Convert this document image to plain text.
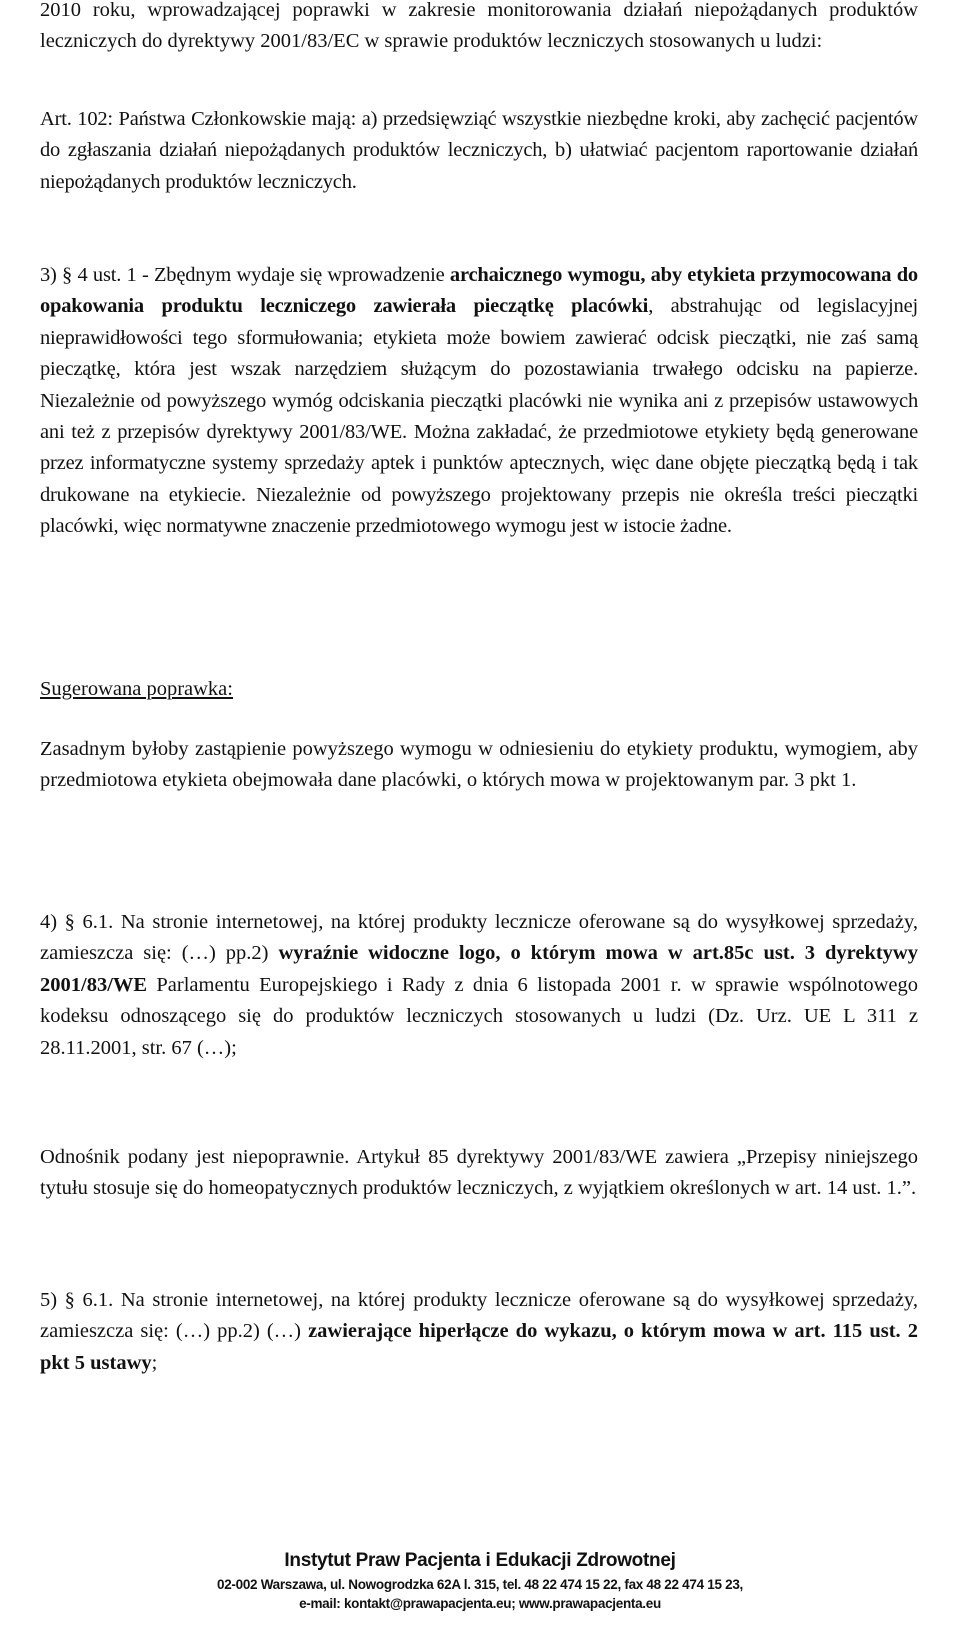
2010 roku, wprowadzającej poprawki w zakresie monitorowania działań niepożądanych produktów leczniczych do dyrektywy 2001/83/EC w sprawie produktów leczniczych stosowanych u ludzi:

Art. 102: Państwa Członkowskie mają: a) przedsięwziąć wszystkie niezbędne kroki, aby zachęcić pacjentów do zgłaszania działań niepożądanych produktów leczniczych, b) ułatwiać pacjentom raportowanie działań niepożądanych produktów leczniczych.

3) § 4 ust. 1 - Zbędnym wydaje się wprowadzenie archaicznego wymogu, aby etykieta przymocowana do opakowania produktu leczniczego zawierała pieczątkę placówki, abstrahując od legislacyjnej nieprawidłowości tego sformułowania; etykieta może bowiem zawierać odcisk pieczątki, nie zaś samą pieczątkę, która jest wszak narzędziem służącym do pozostawiania trwałego odcisku na papierze. Niezależnie od powyższego wymóg odciskania pieczątki placówki nie wynika ani z przepisów ustawowych ani też z przepisów dyrektywy 2001/83/WE. Można zakładać, że przedmiotowe etykiety będą generowane przez informatyczne systemy sprzedaży aptek i punktów aptecznych, więc dane objęte pieczątką będą i tak drukowane na etykiecie. Niezależnie od powyższego projektowany przepis nie określa treści pieczątki placówki, więc normatywne znaczenie przedmiotowego wymogu jest w istocie żadne.

Sugerowana poprawka:

Zasadnym byłoby zastąpienie powyższego wymogu w odniesieniu do etykiety produktu, wymogiem, aby przedmiotowa etykieta obejmowała dane placówki, o których mowa w projektowanym par. 3 pkt 1.

4) § 6.1. Na stronie internetowej, na której produkty lecznicze oferowane są do wysyłkowej sprzedaży, zamieszcza się: (…) pp.2) wyraźnie widoczne logo, o którym mowa w art.85c ust. 3 dyrektywy 2001/83/WE Parlamentu Europejskiego i Rady z dnia 6 listopada 2001 r. w sprawie wspólnotowego kodeksu odnoszącego się do produktów leczniczych stosowanych u ludzi (Dz. Urz. UE L 311 z 28.11.2001, str. 67 (…);

Odnośnik podany jest niepoprawnie. Artykuł 85 dyrektywy 2001/83/WE zawiera „Przepisy niniejszego tytułu stosuje się do homeopatycznych produktów leczniczych, z wyjątkiem określonych w art. 14 ust. 1.”.

5) § 6.1. Na stronie internetowej, na której produkty lecznicze oferowane są do wysyłkowej sprzedaży, zamieszcza się: (…) pp.2) (…) zawierające hiperłącze do wykazu, o którym mowa w art. 115 ust. 2 pkt 5 ustawy;

Instytut Praw Pacjenta i Edukacji Zdrowotnej
02-002 Warszawa, ul. Nowogrodzka 62A l. 315, tel. 48 22 474 15 22, fax 48 22 474 15 23,
e-mail: kontakt@prawapacjenta.eu; www.prawapacjenta.eu
